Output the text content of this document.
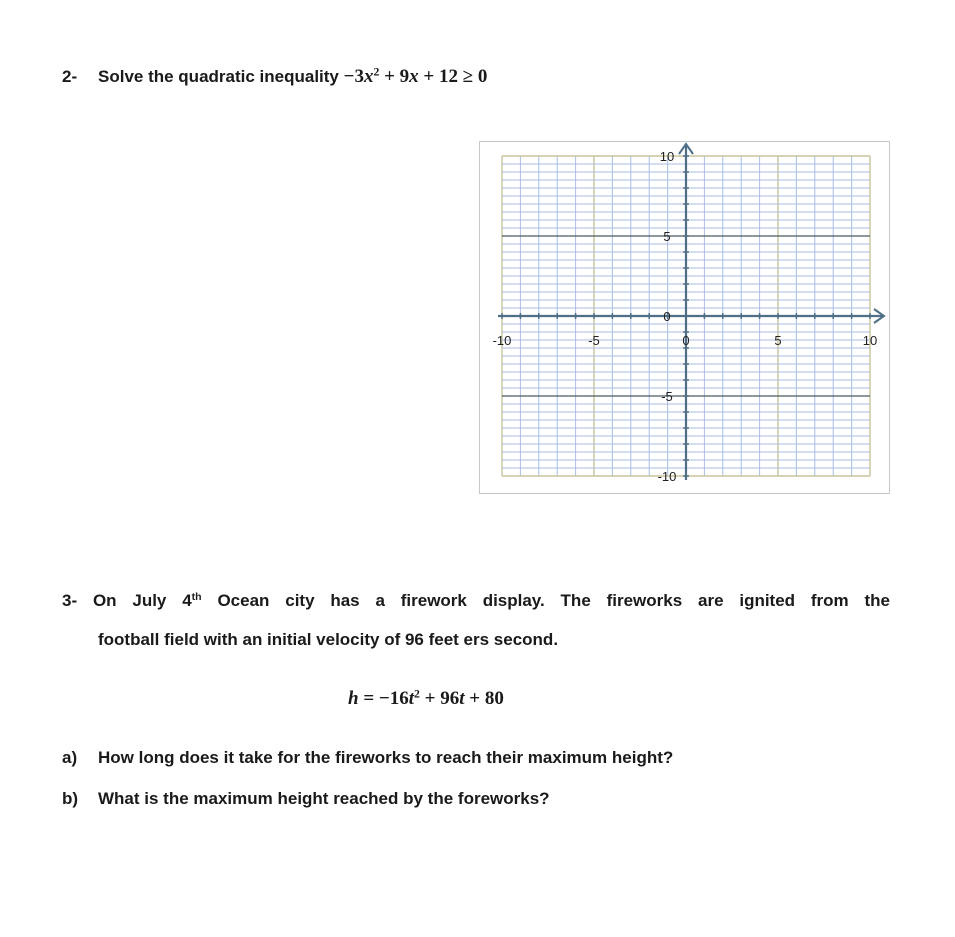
2- Solve the quadratic inequality $-3x^2 + 9x + 12 \ge 0$
-10	-5	0	5	10
10
5
0
-5
-10
3- On July 4th Ocean city has a firework display. The fireworks are ignited from the
football field with an initial velocity of 96 feet ers second.
$h = -16t^2 + 96t + 80$
a) How long does it take for the fireworks to reach their maximum height?
b) What is the maximum height reached by the foreworks?
